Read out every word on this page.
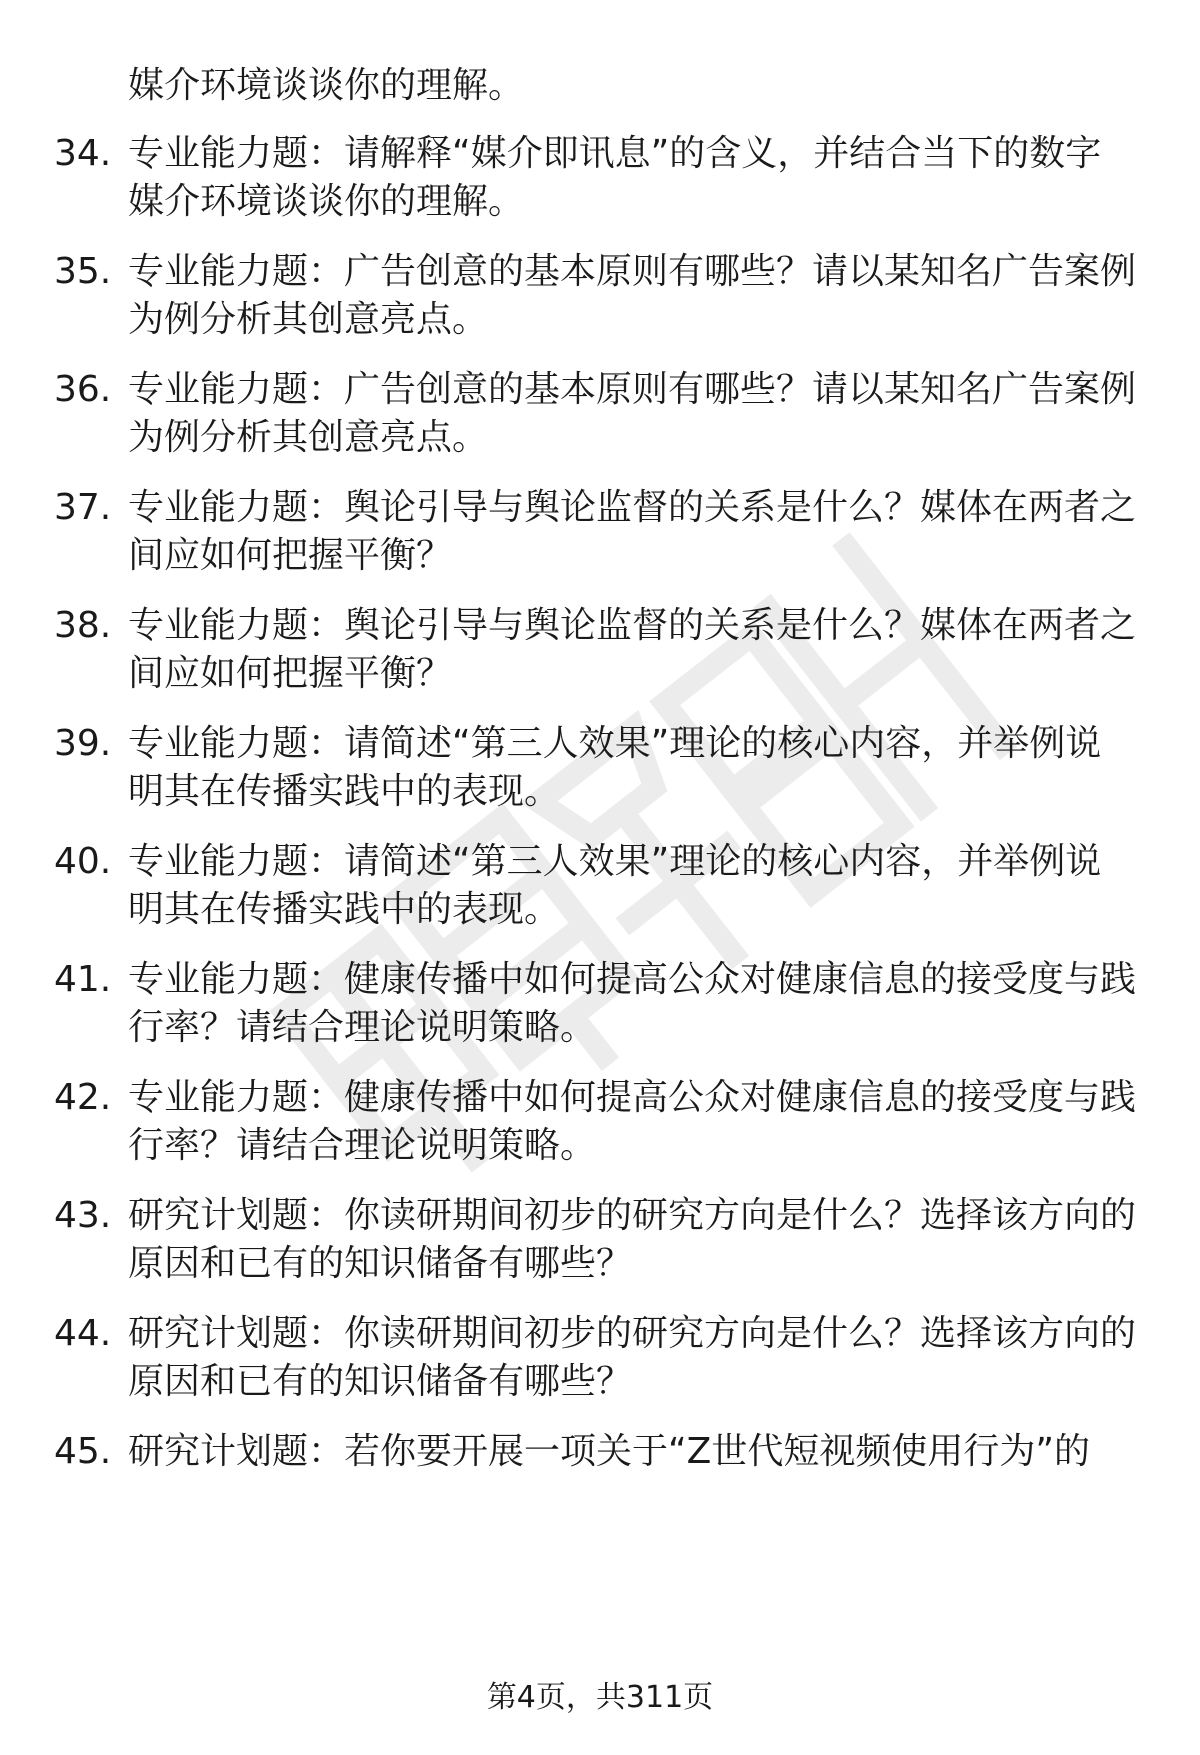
媒介环境谈谈你的理解。
34. 专业能力题：请解释“媒介即讯息”的含义，并结合当下的数字
媒介环境谈谈你的理解。
35. 专业能力题：广告创意的基本原则有哪些？请以某知名广告案例
为例分析其创意亮点。
36. 专业能力题：广告创意的基本原则有哪些？请以某知名广告案例
为例分析其创意亮点。
37. 专业能力题：舆论引导与舆论监督的关系是什么？媒体在两者之
间应如何把握平衡？
38. 专业能力题：舆论引导与舆论监督的关系是什么？媒体在两者之
间应如何把握平衡？
39. 专业能力题：请简述“第三人效果”理论的核心内容，并举例说
明其在传播实践中的表现。
40. 专业能力题：请简述“第三人效果”理论的核心内容，并举例说
明其在传播实践中的表现。
41. 专业能力题：健康传播中如何提高公众对健康信息的接受度与践
行率？请结合理论说明策略。
42. 专业能力题：健康传播中如何提高公众对健康信息的接受度与践
行率？请结合理论说明策略。
43. 研究计划题：你读研期间初步的研究方向是什么？选择该方向的
原因和已有的知识储备有哪些？
44. 研究计划题：你读研期间初步的研究方向是什么？选择该方向的
原因和已有的知识储备有哪些？
45. 研究计划题：若你要开展一项关于“Z世代短视频使用行为”的
第4页，共311页
